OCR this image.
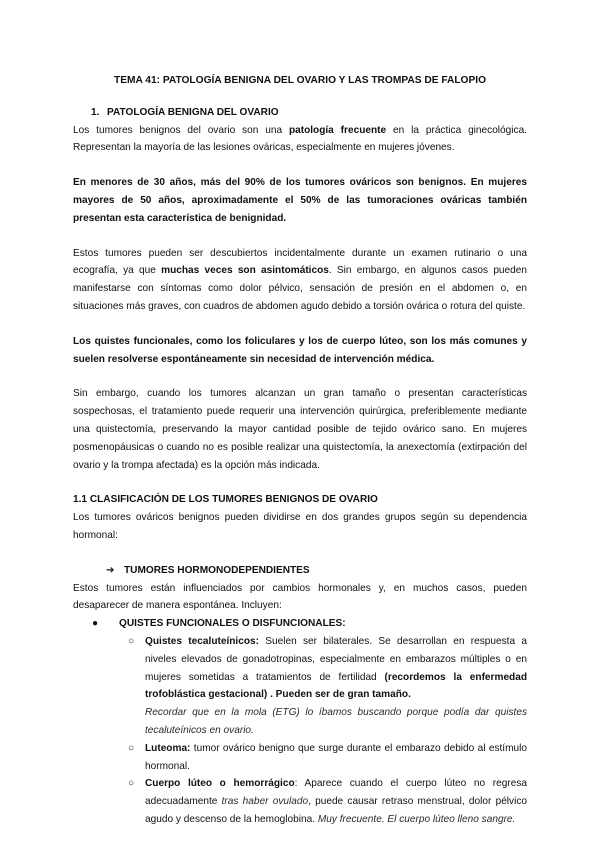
TEMA 41: PATOLOGÍA BENIGNA DEL OVARIO Y LAS TROMPAS DE FALOPIO

1. PATOLOGÍA BENIGNA DEL OVARIO

Los tumores benignos del ovario son una patología frecuente en la práctica ginecológica. Representan la mayoría de las lesiones ováricas, especialmente en mujeres jóvenes.

En menores de 30 años, más del 90% de los tumores ováricos son benignos. En mujeres mayores de 50 años, aproximadamente el 50% de las tumoraciones ováricas también presentan esta característica de benignidad.

Estos tumores pueden ser descubiertos incidentalmente durante un examen rutinario o una ecografía, ya que muchas veces son asintomáticos. Sin embargo, en algunos casos pueden manifestarse con síntomas como dolor pélvico, sensación de presión en el abdomen o, en situaciones más graves, con cuadros de abdomen agudo debido a torsión ovárica o rotura del quiste.

Los quistes funcionales, como los foliculares y los de cuerpo lúteo, son los más comunes y suelen resolverse espontáneamente sin necesidad de intervención médica.

Sin embargo, cuando los tumores alcanzan un gran tamaño o presentan características sospechosas, el tratamiento puede requerir una intervención quirúrgica, preferiblemente mediante una quistectomía, preservando la mayor cantidad posible de tejido ovárico sano. En mujeres posmenopáusicas o cuando no es posible realizar una quistectomía, la anexectomía (extirpación del ovario y la trompa afectada) es la opción más indicada.

1.1 CLASIFICACIÓN DE LOS TUMORES BENIGNOS DE OVARIO

Los tumores ováricos benignos pueden dividirse en dos grandes grupos según su dependencia hormonal:

➔ TUMORES HORMONODEPENDIENTES

Estos tumores están influenciados por cambios hormonales y, en muchos casos, pueden desaparecer de manera espontánea. Incluyen:

●	QUISTES FUNCIONALES O DISFUNCIONALES:

○ Quistes tecaluteínicos: Suelen ser bilaterales. Se desarrollan en respuesta a niveles elevados de gonadotropinas, especialmente en embarazos múltiples o en mujeres sometidas a tratamientos de fertilidad (recordemos la enfermedad trofoblástica gestacional) . Pueden ser de gran tamaño.
Recordar que en la mola (ETG) lo íbamos buscando porque podía dar quistes tecaluteínicos en ovario.
○ Luteoma: tumor ovárico benigno que surge durante el embarazo debido al estímulo hormonal.
○ Cuerpo lúteo o hemorrágico: Aparece cuando el cuerpo lúteo no regresa adecuadamente tras haber ovulado, puede causar retraso menstrual, dolor pélvico agudo y descenso de la hemoglobina. Muy frecuente. El cuerpo lúteo lleno sangre.
